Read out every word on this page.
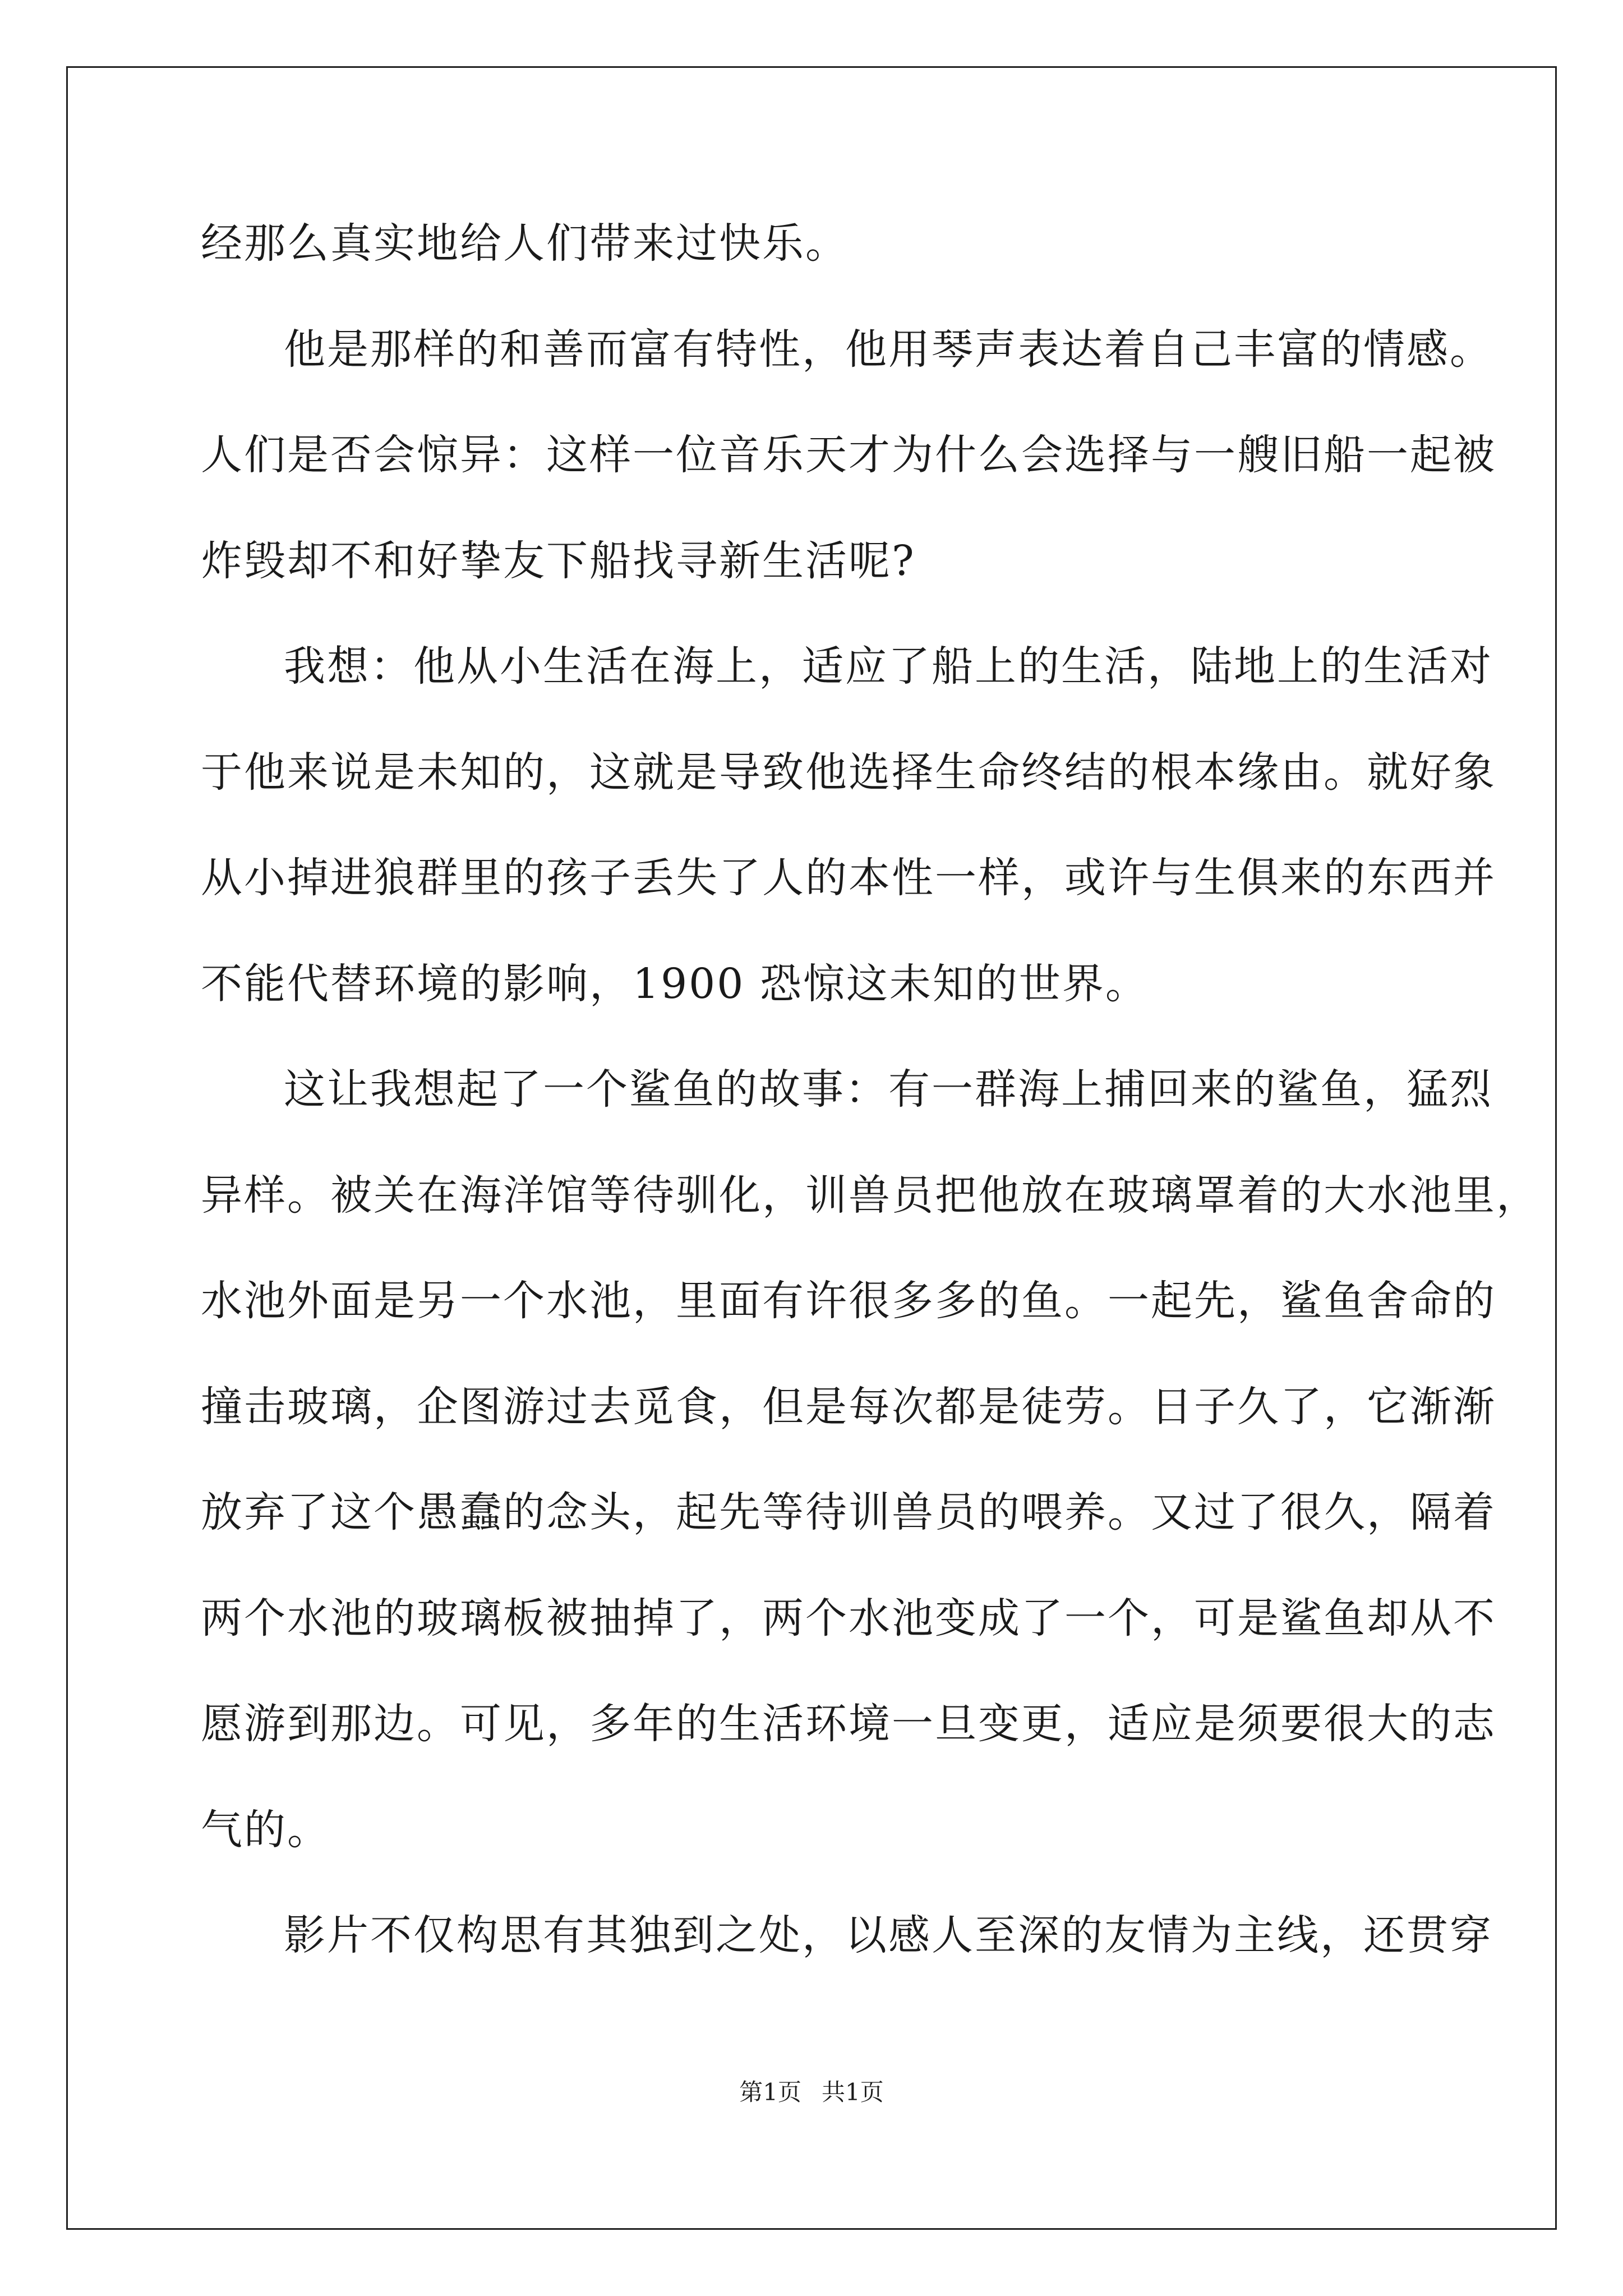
经那么真实地给人们带来过快乐。
他是那样的和善而富有特性，他用琴声表达着自己丰富的情感。
人们是否会惊异：这样一位音乐天才为什么会选择与一艘旧船一起被
炸毁却不和好挚友下船找寻新生活呢?
我想：他从小生活在海上，适应了船上的生活，陆地上的生活对
于他来说是未知的，这就是导致他选择生命终结的根本缘由。就好象
从小掉进狼群里的孩子丢失了人的本性一样，或许与生俱来的东西并
不能代替环境的影响，1900 恐惊这未知的世界。
这让我想起了一个鲨鱼的故事：有一群海上捕回来的鲨鱼，猛烈
异样。被关在海洋馆等待驯化，训兽员把他放在玻璃罩着的大水池里，
水池外面是另一个水池，里面有许很多多的鱼。一起先，鲨鱼舍命的
撞击玻璃，企图游过去觅食，但是每次都是徒劳。日子久了，它渐渐
放弃了这个愚蠢的念头，起先等待训兽员的喂养。又过了很久，隔着
两个水池的玻璃板被抽掉了，两个水池变成了一个，可是鲨鱼却从不
愿游到那边。可见，多年的生活环境一旦变更，适应是须要很大的志
气的。
影片不仅构思有其独到之处，以感人至深的友情为主线，还贯穿
第1页 共1页
